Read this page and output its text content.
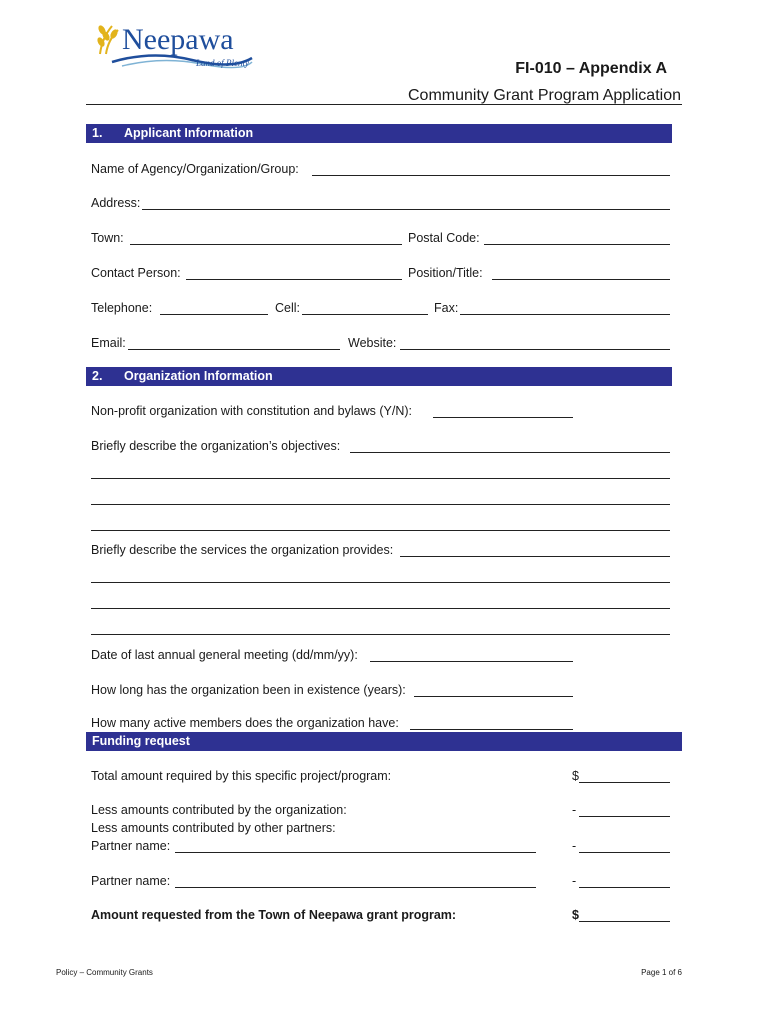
Neepawa
Land of Plenty	FI-010 – Appendix A
Community Grant Program Application
1. Applicant Information
Name of Agency/Organization/Group:
Address:
Town:	Postal Code:
Contact Person:	Position/Title:
Telephone:	Cell:	Fax:
Email:	Website:
2. Organization Information
Non-profit organization with constitution and bylaws (Y/N):
Briefly describe the organization’s objectives:
Briefly describe the services the organization provides:
Date of last annual general meeting (dd/mm/yy):
How long has the organization been in existence (years):
How many active members does the organization have:
Funding request
Total amount required by this specific project/program:	$
Less amounts contributed by the organization:	-
Less amounts contributed by other partners:
Partner name:	-
Partner name:	-
Amount requested from the Town of Neepawa grant program:	$
Policy – Community Grants	Page 1 of 6
